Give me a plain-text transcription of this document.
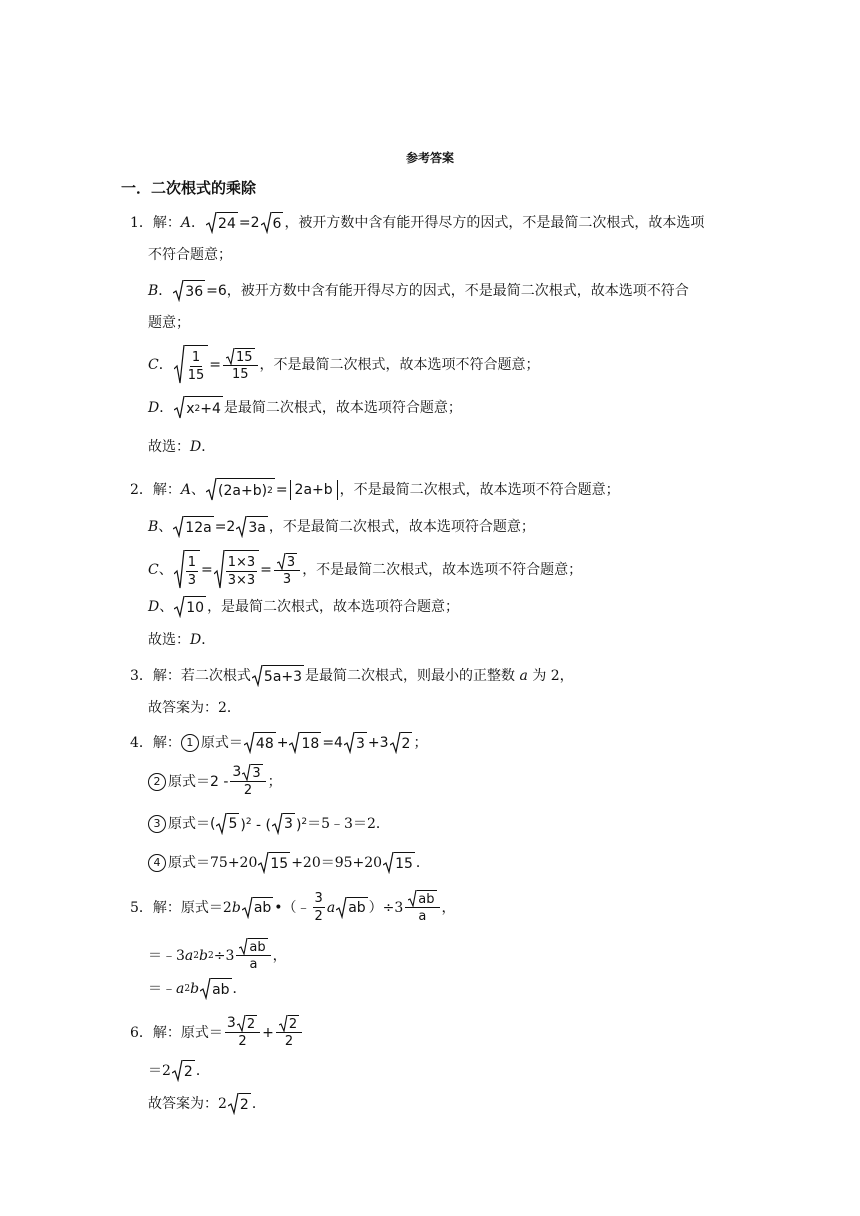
参考答案
一．二次根式的乘除
1．解： A ． 24 =2 6 ，被开方数中含有能开得尽方的因式，不是最简二次根式，故本选项
不符合题意；
B ． 36 =6 ，被开方数中含有能开得尽方的因式，不是最简二次根式，故本选项不符合
题意；
C ． $\frac{1}{15} = \frac{15}{15}$ ，不是最简二次根式，故本选项不符合题意；
D ． x 2 +4 是最简二次根式，故本选项符合题意；
故选： D ．
2．解： A 、 (2a+b) 2 = 2a+b ，不是最简二次根式，故本选项不符合题意；
B 、 12a =2 3a ，不是最简二次根式，故本选项符合题意；
C 、 $\frac{1}{3} = \frac{1\times 3}{3\times 3} = \frac{3}{3}$ ，不是最简二次根式，故本选项不符合题意；
D 、 10 ，是最简二次根式，故本选项符合题意；
故选： D ．
3．解：若二次根式 5a+3 是最简二次根式，则最小的正整数
a
为 2，
故答案为：2．
4．解： 1 原式＝ 48 + 18 =4 3 +3 2 ；
2 原式＝ $2 - \frac{3 3}{2}$ ；
3 原式＝ ( 5 )$^2$ - ( 3 )$^2$ ＝5﹣3＝2．
4 原式＝ 75+20 15 +20＝95+20 15 ．
5．解：原式＝ 2 b ab •（﹣ $\frac{3}{2}$ a ab ）$\div 3 \frac{ab}{a}$ ，
＝﹣3 a 2 b $2 \div 3 \frac{ab}{a}$ ，
＝﹣ a 2 b ab ．
6．解：原式＝ $\frac{3 2}{2} + \frac{2}{2}$
＝2 2 ．
故答案为： 2 2 ．
